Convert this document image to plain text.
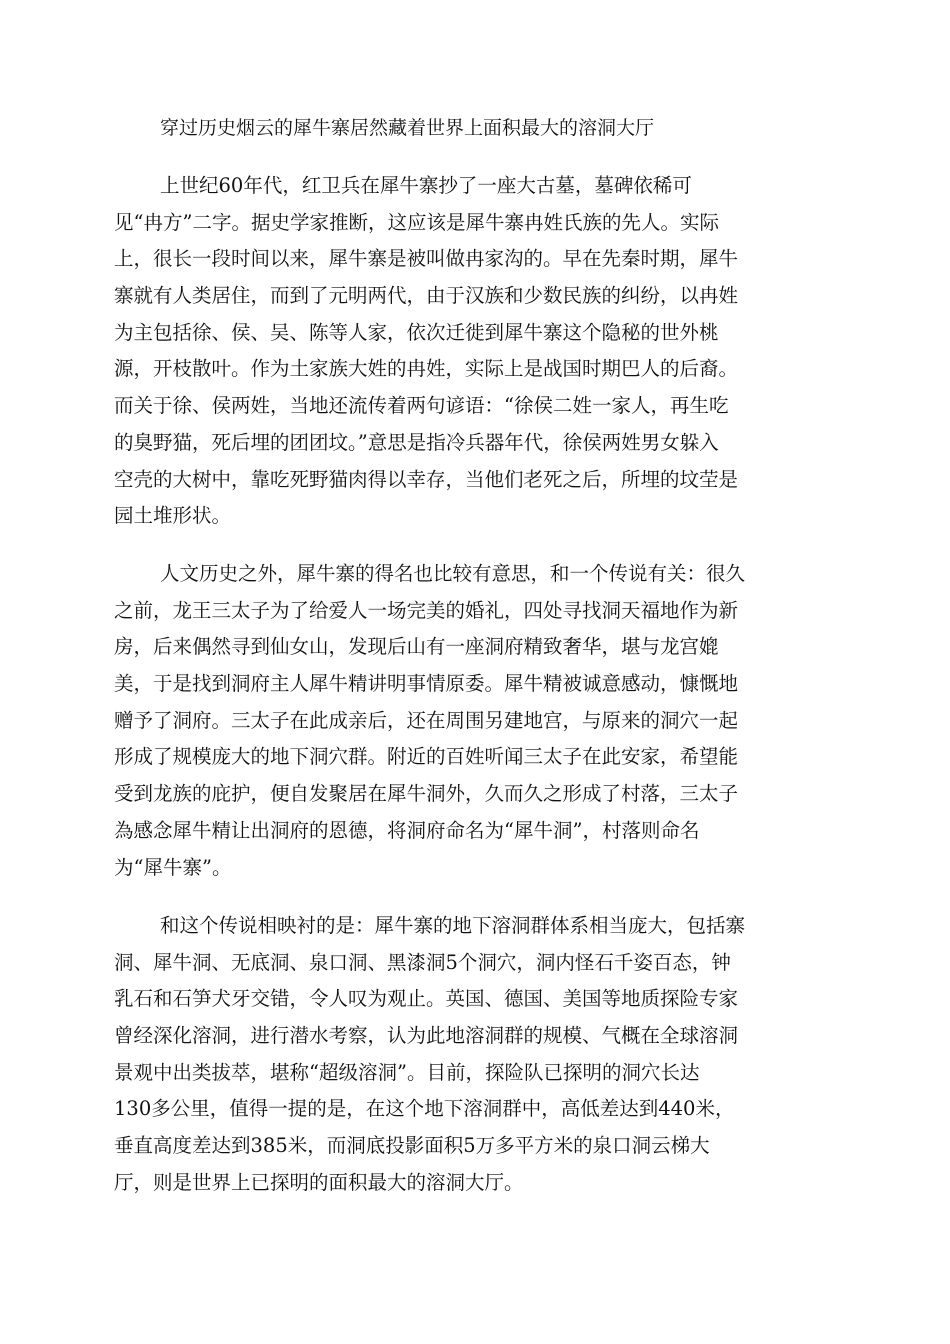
穿过历史烟云的犀牛寨居然藏着世界上面积最大的溶洞大厅
上世纪60年代，红卫兵在犀牛寨抄了一座大古墓，墓碑依稀可
见“冉方”二字。据史学家推断，这应该是犀牛寨冉姓氏族的先人。实际
上，很长一段时间以来，犀牛寨是被叫做冉家沟的。早在先秦时期，犀牛
寨就有人类居住，而到了元明两代，由于汉族和少数民族的纠纷，以冉姓
为主包括徐、侯、吴、陈等人家，依次迁徙到犀牛寨这个隐秘的世外桃
源，开枝散叶。作为土家族大姓的冉姓，实际上是战国时期巴人的后裔。
而关于徐、侯两姓，当地还流传着两句谚语：“徐侯二姓一家人，再生吃
的臭野猫，死后埋的团团坟。”意思是指冷兵器年代，徐侯两姓男女躲入
空壳的大树中，靠吃死野猫肉得以幸存，当他们老死之后，所埋的坟茔是
园土堆形状。
人文历史之外，犀牛寨的得名也比较有意思，和一个传说有关：很久
之前，龙王三太子为了给爱人一场完美的婚礼，四处寻找洞天福地作为新
房，后来偶然寻到仙女山，发现后山有一座洞府精致奢华，堪与龙宫媲
美，于是找到洞府主人犀牛精讲明事情原委。犀牛精被诚意感动，慷慨地
赠予了洞府。三太子在此成亲后，还在周围另建地宫，与原来的洞穴一起
形成了规模庞大的地下洞穴群。附近的百姓听闻三太子在此安家，希望能
受到龙族的庇护，便自发聚居在犀牛洞外，久而久之形成了村落，三太子
為感念犀牛精让出洞府的恩德，将洞府命名为“犀牛洞”，村落则命名
为“犀牛寨”。
和这个传说相映衬的是：犀牛寨的地下溶洞群体系相当庞大，包括寨
洞、犀牛洞、无底洞、泉口洞、黑漆洞5个洞穴，洞内怪石千姿百态，钟
乳石和石笋犬牙交错，令人叹为观止。英国、德国、美国等地质探险专家
曾经深化溶洞，进行潜水考察，认为此地溶洞群的规模、气概在全球溶洞
景观中出类拔萃，堪称“超级溶洞”。目前，探险队已探明的洞穴长达
130多公里，值得一提的是，在这个地下溶洞群中，高低差达到440米，
垂直高度差达到385米，而洞底投影面积5万多平方米的泉口洞云梯大
厅，则是世界上已探明的面积最大的溶洞大厅。
